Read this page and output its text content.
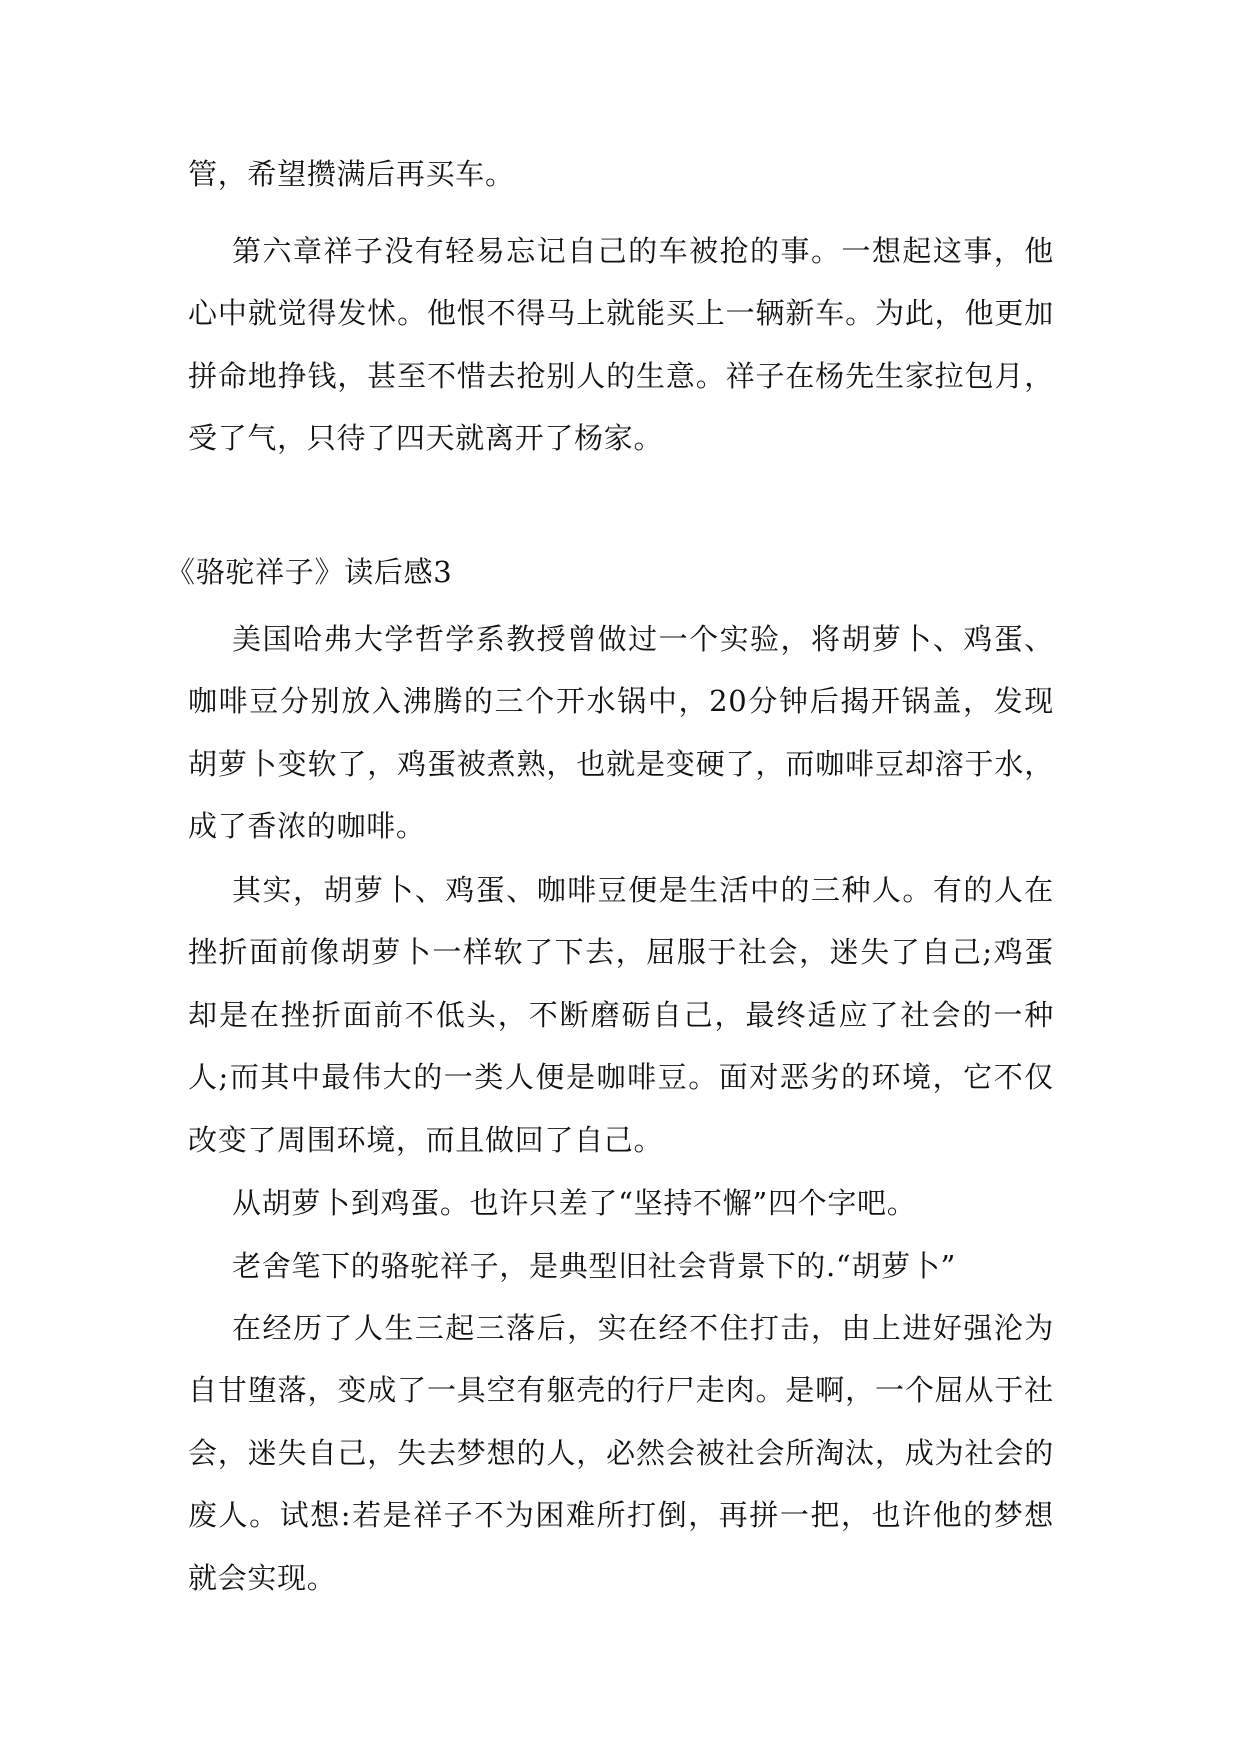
管，希望攒满后再买车。

第六章祥子没有轻易忘记自己的车被抢的事。一想起这事，他心中就觉得发怵。他恨不得马上就能买上一辆新车。为此，他更加拼命地挣钱，甚至不惜去抢别人的生意。祥子在杨先生家拉包月，受了气，只待了四天就离开了杨家。

《骆驼祥子》读后感3

美国哈弗大学哲学系教授曾做过一个实验，将胡萝卜、鸡蛋、咖啡豆分别放入沸腾的三个开水锅中，20分钟后揭开锅盖，发现胡萝卜变软了，鸡蛋被煮熟，也就是变硬了，而咖啡豆却溶于水，成了香浓的咖啡。

其实，胡萝卜、鸡蛋、咖啡豆便是生活中的三种人。有的人在挫折面前像胡萝卜一样软了下去，屈服于社会，迷失了自己;鸡蛋却是在挫折面前不低头，不断磨砺自己，最终适应了社会的一种人;而其中最伟大的一类人便是咖啡豆。面对恶劣的环境，它不仅改变了周围环境，而且做回了自己。

从胡萝卜到鸡蛋。也许只差了“坚持不懈”四个字吧。

老舍笔下的骆驼祥子，是典型旧社会背景下的.“胡萝卜”

在经历了人生三起三落后，实在经不住打击，由上进好强沦为自甘堕落，变成了一具空有躯壳的行尸走肉。是啊，一个屈从于社会，迷失自己，失去梦想的人，必然会被社会所淘汰，成为社会的废人。试想:若是祥子不为困难所打倒，再拼一把，也许他的梦想就会实现。
